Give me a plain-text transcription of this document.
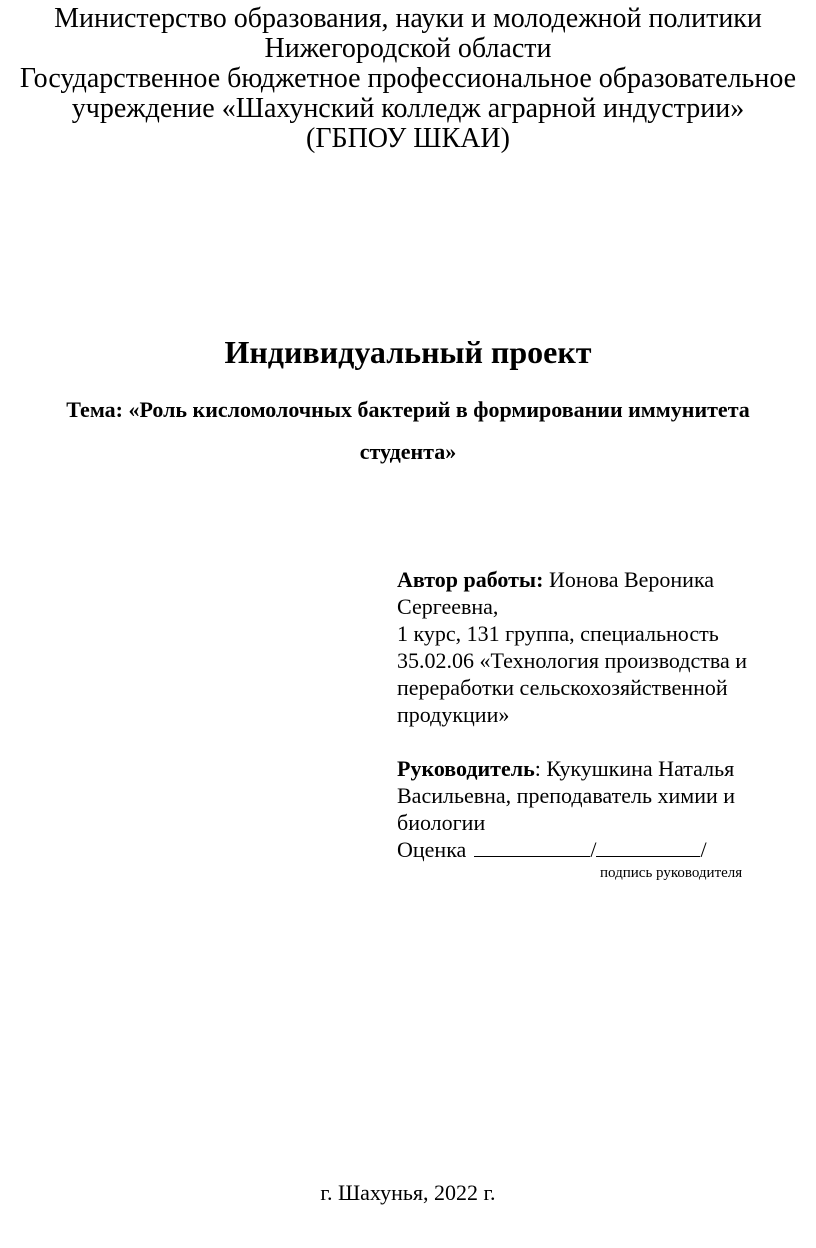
Министерство образования, науки и молодежной политики
Нижегородской области
Государственное бюджетное профессиональное образовательное
учреждение «Шахунский колледж аграрной индустрии»
(ГБПОУ ШКАИ)
Индивидуальный проект
Тема: «Роль кисломолочных бактерий в формировании иммунитета
студента»
Автор работы: Ионова Вероника
Сергеевна,
1 курс, 131 группа, специальность
35.02.06 «Технология производства и
переработки сельскохозяйственной
продукции»
Руководитель: Кукушкина Наталья
Васильевна, преподаватель химии и
биологии
Оценка	/	/
подпись руководителя
г. Шахунья, 2022 г.
